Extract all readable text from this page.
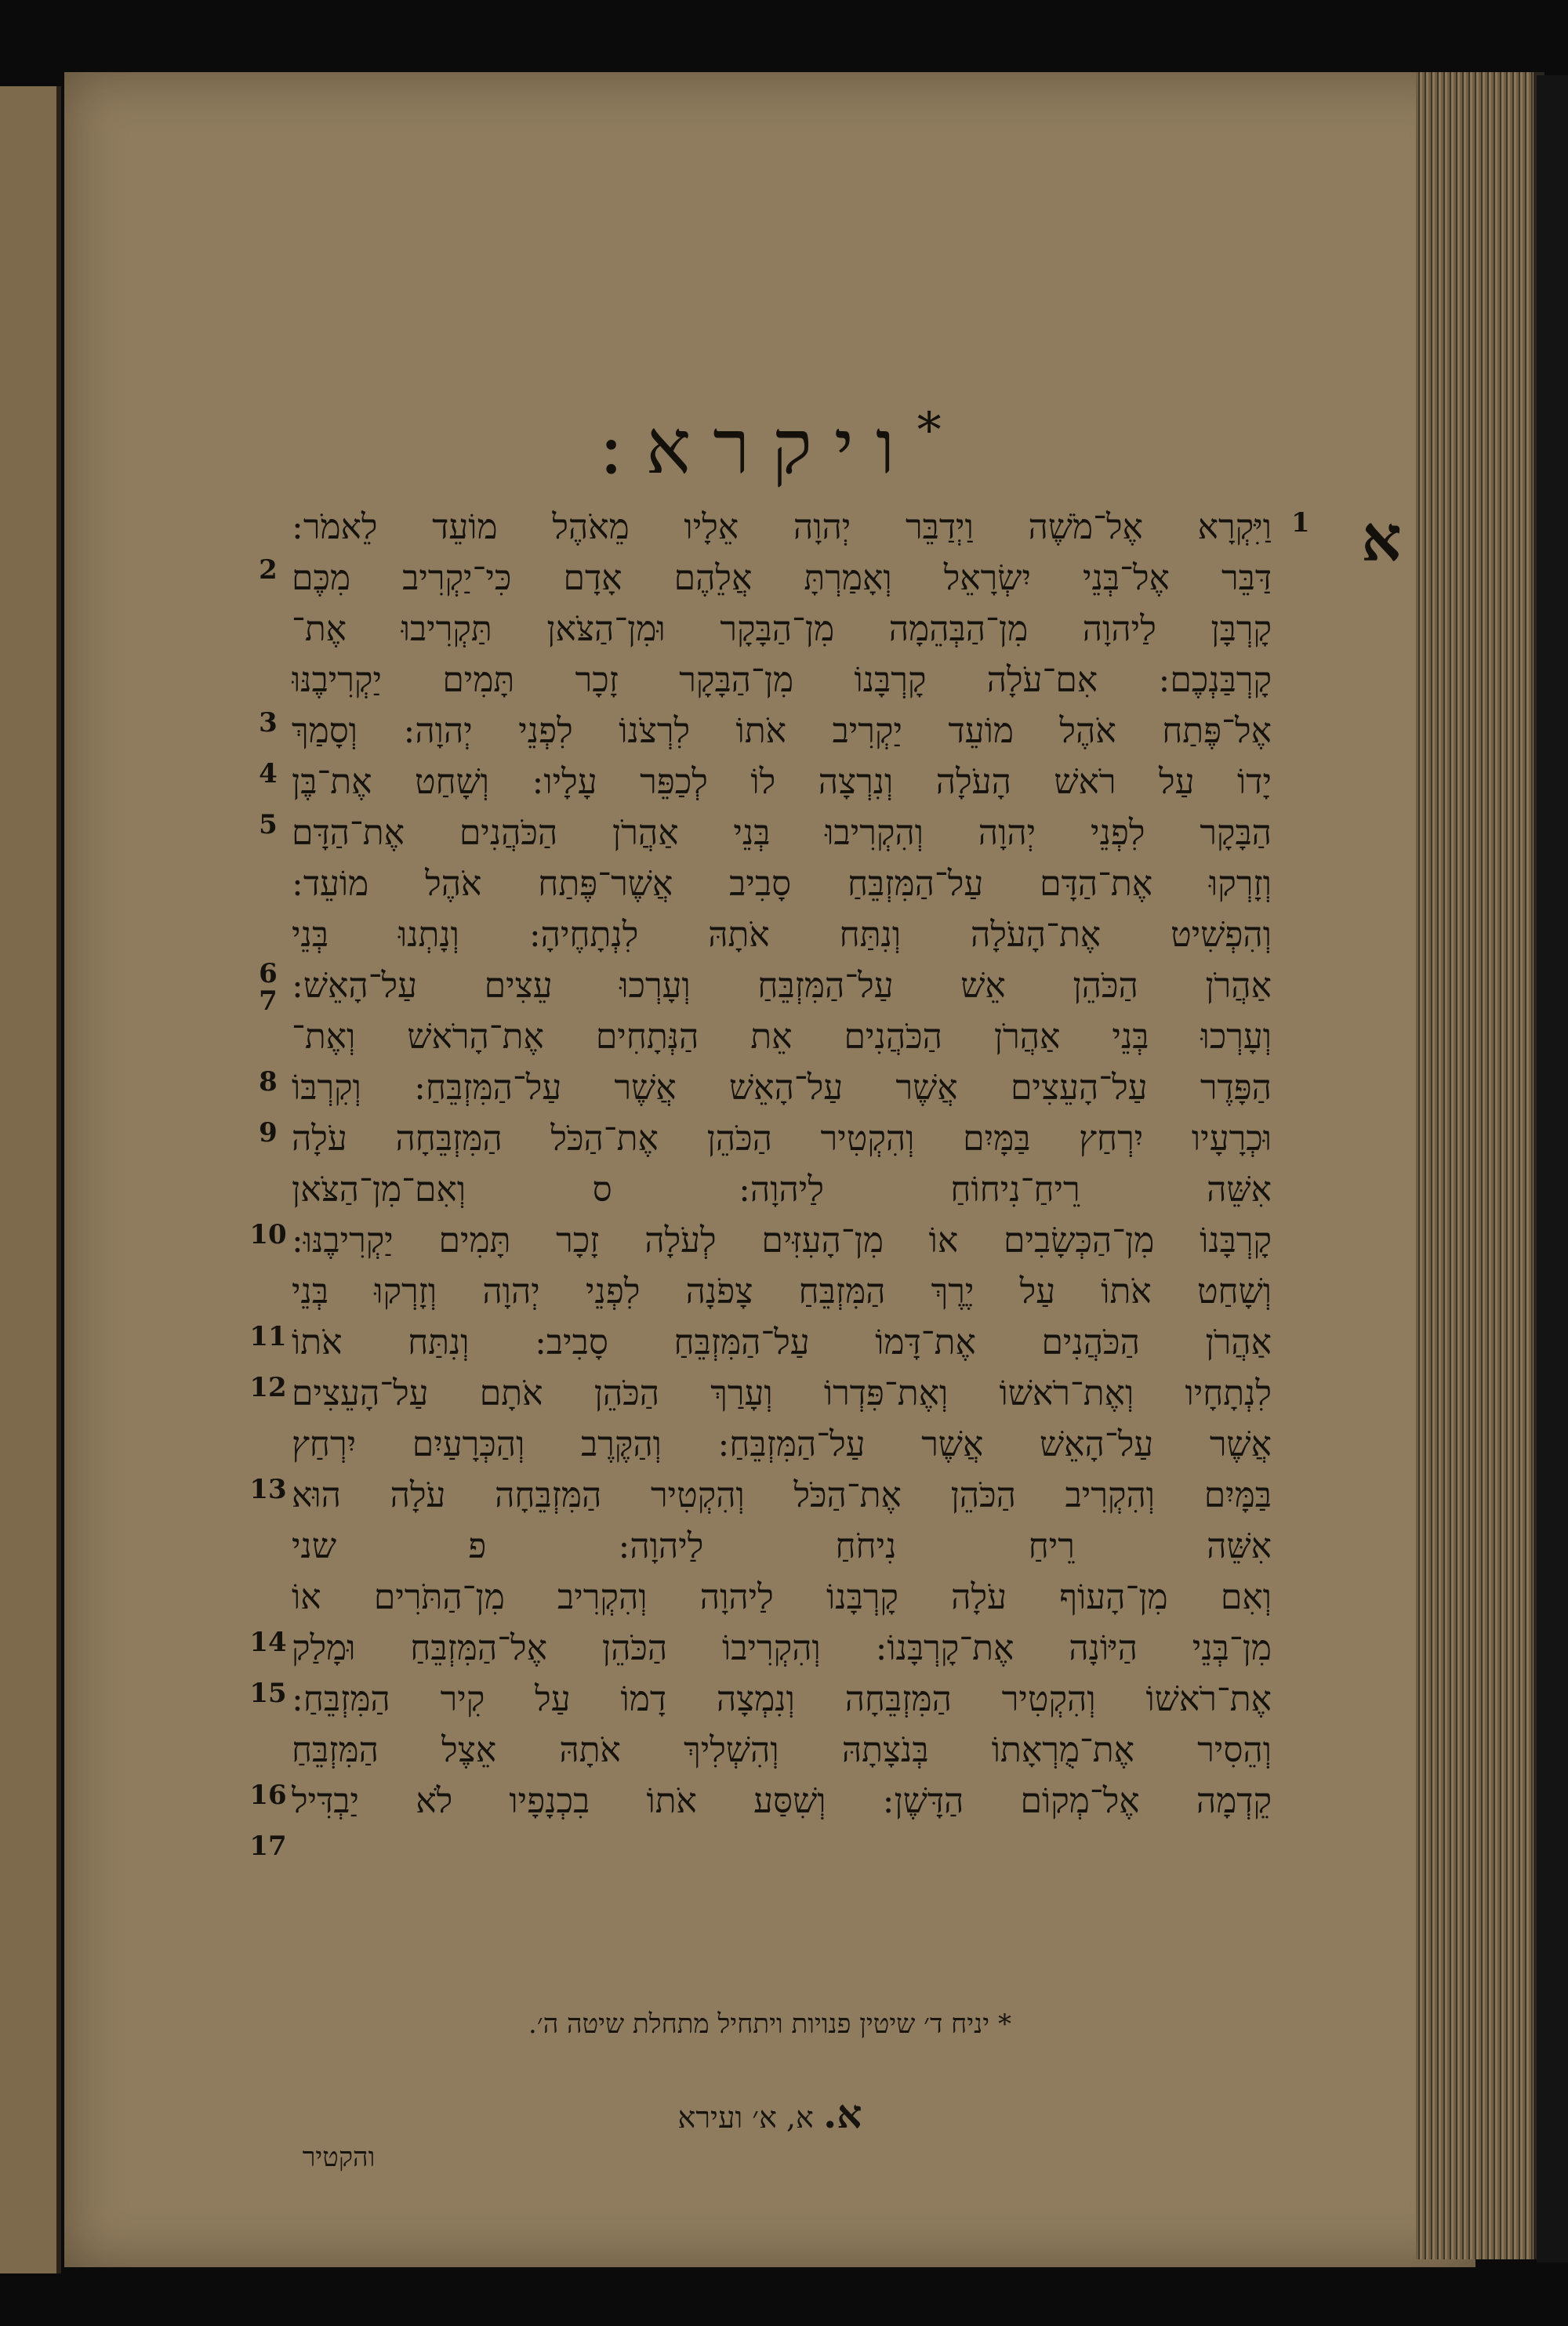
*ויקרא:
א
1
וַיִּקְרָא אֶל־מֹשֶׁה וַיְדַבֵּר יְהוָה אֵלָיו מֵאֹהֶל מוֹעֵד לֵאמֹר:
דַּבֵּר אֶל־בְּנֵי יִשְׂרָאֵל וְאָמַרְתָּ אֲלֵהֶם אָדָם כִּי־יַקְרִיב מִכֶּם
קָרְבָּן לַיהוָה מִן־הַבְּהֵמָה מִן־הַבָּקָר וּמִן־הַצֹּאן תַּקְרִיבוּ אֶת־
קָרְבַּנְכֶם: אִם־עֹלָה קָרְבָּנוֹ מִן־הַבָּקָר זָכָר תָּמִים יַקְרִיבֶנּוּ
אֶל־פֶּתַח אֹהֶל מוֹעֵד יַקְרִיב אֹתוֹ לִרְצֹנוֹ לִפְנֵי יְהוָה: וְסָמַךְ
יָדוֹ עַל רֹאשׁ הָעֹלָה וְנִרְצָה לוֹ לְכַפֵּר עָלָיו: וְשָׁחַט אֶת־בֶּן
הַבָּקָר לִפְנֵי יְהוָה וְהִקְרִיבוּ בְּנֵי אַהֲרֹן הַכֹּהֲנִים אֶת־הַדָּם
וְזָרְקוּ אֶת־הַדָּם עַל־הַמִּזְבֵּחַ סָבִיב אֲשֶׁר־פֶּתַח אֹהֶל מוֹעֵד:
וְהִפְשִׁיט אֶת־הָעֹלָה וְנִתַּח אֹתָהּ לִנְתָחֶיהָ: וְנָתְנוּ בְּנֵי
אַהֲרֹן הַכֹּהֵן אֵשׁ עַל־הַמִּזְבֵּחַ וְעָרְכוּ עֵצִים עַל־הָאֵשׁ:
וְעָרְכוּ בְּנֵי אַהֲרֹן הַכֹּהֲנִים אֵת הַנְּתָחִים אֶת־הָרֹאשׁ וְאֶת־
הַפָּדֶר עַל־הָעֵצִים אֲשֶׁר עַל־הָאֵשׁ אֲשֶׁר עַל־הַמִּזְבֵּחַ: וְקִרְבּוֹ
וּכְרָעָיו יִרְחַץ בַּמָּיִם וְהִקְטִיר הַכֹּהֵן אֶת־הַכֹּל הַמִּזְבֵּחָה עֹלָה
אִשֵּׁה רֵיחַ־נִיחוֹחַ לַיהוָה: ס וְאִם־מִן־הַצֹּאן
קָרְבָּנוֹ מִן־הַכְּשָׂבִים אוֹ מִן־הָעִזִּים לְעֹלָה זָכָר תָּמִים יַקְרִיבֶנּוּ:
וְשָׁחַט אֹתוֹ עַל יֶרֶךְ הַמִּזְבֵּחַ צָפֹנָה לִפְנֵי יְהוָה וְזָרְקוּ בְּנֵי
אַהֲרֹן הַכֹּהֲנִים אֶת־דָּמוֹ עַל־הַמִּזְבֵּחַ סָבִיב: וְנִתַּח אֹתוֹ
לִנְתָחָיו וְאֶת־רֹאשׁוֹ וְאֶת־פִּדְרוֹ וְעָרַךְ הַכֹּהֵן אֹתָם עַל־הָעֵצִים
אֲשֶׁר עַל־הָאֵשׁ אֲשֶׁר עַל־הַמִּזְבֵּחַ: וְהַקֶּרֶב וְהַכְּרָעַיִם יִרְחַץ
בַּמָּיִם וְהִקְרִיב הַכֹּהֵן אֶת־הַכֹּל וְהִקְטִיר הַמִּזְבֵּחָה עֹלָה הוּא
אִשֵּׁה רֵיחַ נִיחֹחַ לַיהוָה: פ שני
וְאִם מִן־הָעוֹף עֹלָה קָרְבָּנוֹ לַיהוָה וְהִקְרִיב מִן־הַתֹּרִים אוֹ
מִן־בְּנֵי הַיּוֹנָה אֶת־קָרְבָּנוֹ: וְהִקְרִיבוֹ הַכֹּהֵן אֶל־הַמִּזְבֵּחַ וּמָלַק
אֶת־רֹאשׁוֹ וְהִקְטִיר הַמִּזְבֵּחָה וְנִמְצָה דָמוֹ עַל קִיר הַמִּזְבֵּחַ:
וְהֵסִיר אֶת־מֻרְאָתוֹ בְּנֹצָתָהּ וְהִשְׁלִיךְ אֹתָהּ אֵצֶל הַמִּזְבֵּחַ
קֵדְמָה אֶל־מְקוֹם הַדָּשֶׁן: וְשִׁסַּע אֹתוֹ בִכְנָפָיו לֹא יַבְדִּיל
2
3
4
5
6
7
8
9
10
11
12
13
14
15
16
17
* יניח ד׳ שיטין פנויות ויתחיל מתחלת שיטה ה׳.
א. א, א׳ ועירא
והקטיר
